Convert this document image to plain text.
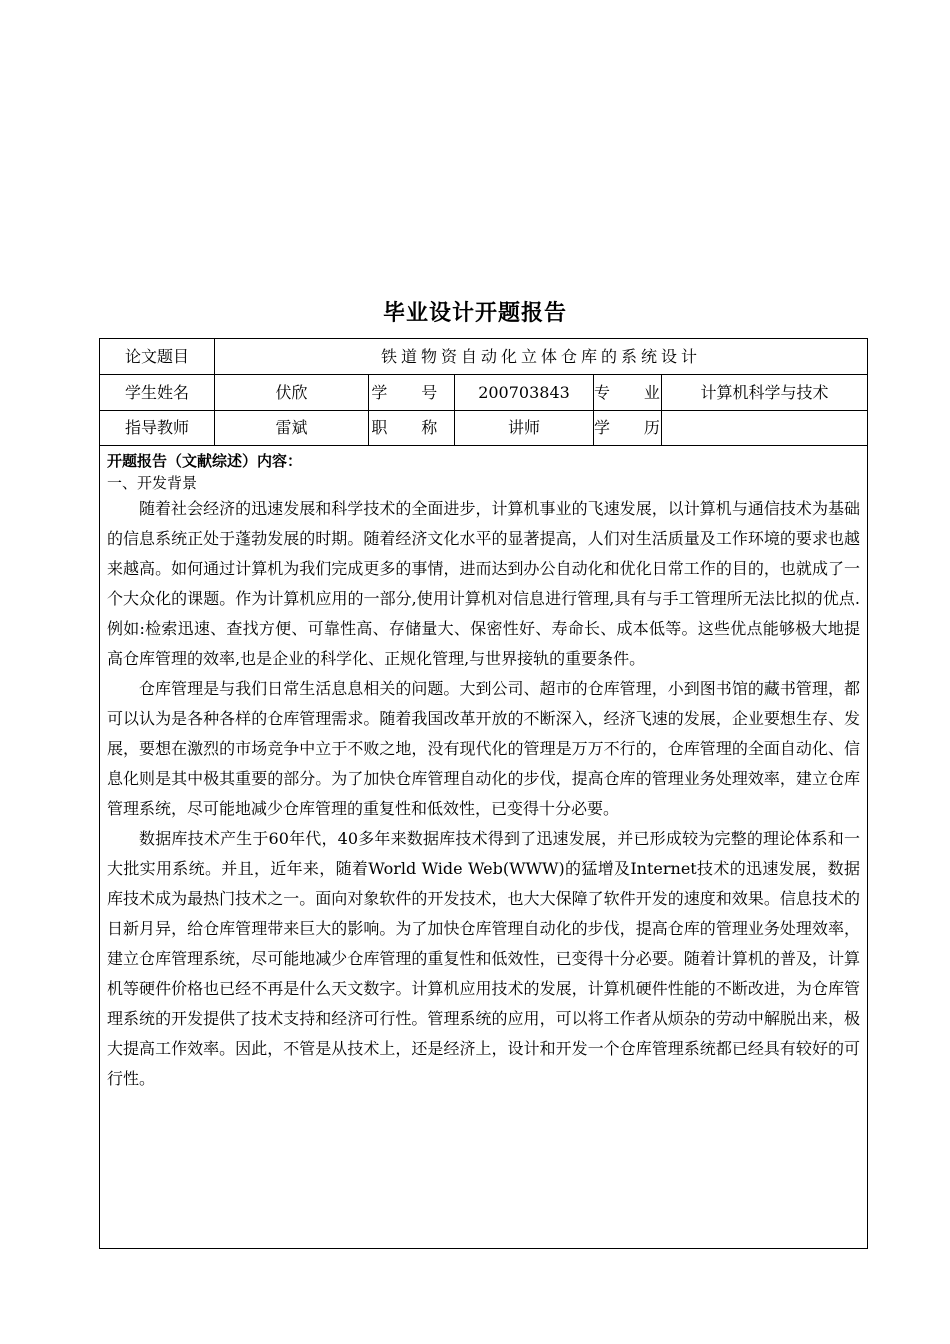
毕业设计开题报告
论文题目	铁道物资自动化立体仓库的系统设计				
学生姓名	伏欣	学 号	200703843	专 业	计算机科学与技术
指导教师	雷斌	职 称	讲师	学 历	

开题报告（文献综述）内容：
一、开发背景

随着社会经济的迅速发展和科学技术的全面进步，计算机事业的飞速发展，以计算机与通信技术为基础的信息系统正处于蓬勃发展的时期。随着经济文化水平的显著提高，人们对生活质量及工作环境的要求也越来越高。如何通过计算机为我们完成更多的事情，进而达到办公自动化和优化日常工作的目的，也就成了一个大众化的课题。作为计算机应用的一部分,使用计算机对信息进行管理,具有与手工管理所无法比拟的优点.例如:检索迅速、查找方便、可靠性高、存储量大、保密性好、寿命长、成本低等。这些优点能够极大地提高仓库管理的效率,也是企业的科学化、正规化管理,与世界接轨的重要条件。

仓库管理是与我们日常生活息息相关的问题。大到公司、超市的仓库管理，小到图书馆的藏书管理，都可以认为是各种各样的仓库管理需求。随着我国改革开放的不断深入，经济飞速的发展，企业要想生存、发展，要想在激烈的市场竞争中立于不败之地，没有现代化的管理是万万不行的，仓库管理的全面自动化、信息化则是其中极其重要的部分。为了加快仓库管理自动化的步伐，提高仓库的管理业务处理效率，建立仓库管理系统，尽可能地减少仓库管理的重复性和低效性，已变得十分必要。

数据库技术产生于60年代，40多年来数据库技术得到了迅速发展，并已形成较为完整的理论体系和一大批实用系统。并且，近年来，随着World Wide Web(WWW)的猛增及Internet技术的迅速发展，数据库技术成为最热门技术之一。面向对象软件的开发技术，也大大保障了软件开发的速度和效果。信息技术的日新月异，给仓库管理带来巨大的影响。为了加快仓库管理自动化的步伐，提高仓库的管理业务处理效率，建立仓库管理系统，尽可能地减少仓库管理的重复性和低效性，已变得十分必要。随着计算机的普及，计算机等硬件价格也已经不再是什么天文数字。计算机应用技术的发展，计算机硬件性能的不断改进，为仓库管理系统的开发提供了技术支持和经济可行性。管理系统的应用，可以将工作者从烦杂的劳动中解脱出来，极大提高工作效率。因此，不管是从技术上，还是经济上，设计和开发一个仓库管理系统都已经具有较好的可行性。					
